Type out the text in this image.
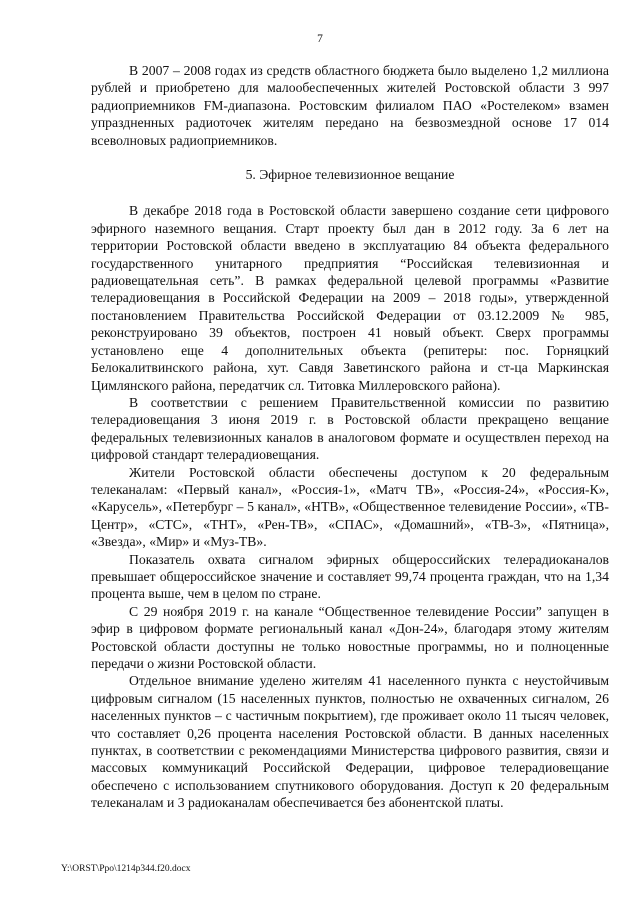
7

В 2007 – 2008 годах из средств областного бюджета было выделено 1,2 миллиона рублей и приобретено для малообеспеченных жителей Ростовской области 3 997 радиоприемников FM-диапазона. Ростовским филиалом ПАО «Ростелеком» взамен упраздненных радиоточек жителям передано на безвозмездной основе 17 014 всеволновых радиоприемников.

5. Эфирное телевизионное вещание

В декабре 2018 года в Ростовской области завершено создание сети цифрового эфирного наземного вещания. Старт проекту был дан в 2012 году. За 6 лет на территории Ростовской области введено в эксплуатацию 84 объекта федерального государственного унитарного предприятия “Российская телевизионная и радиовещательная сеть”. В рамках федеральной целевой программы «Развитие телерадиовещания в Российской Федерации на 2009 – 2018 годы», утвержденной постановлением Правительства Российской Федерации от 03.12.2009 № 985, реконструировано 39 объектов, построен 41 новый объект. Сверх программы установлено еще 4 дополнительных объекта (репитеры: пос. Горняцкий Белокалитвинского района, хут. Савдя Заветинского района и ст-ца Маркинская Цимлянского района, передатчик сл. Титовка Миллеровского района).

В соответствии с решением Правительственной комиссии по развитию телерадиовещания 3 июня 2019 г. в Ростовской области прекращено вещание федеральных телевизионных каналов в аналоговом формате и осуществлен переход на цифровой стандарт телерадиовещания.

Жители Ростовской области обеспечены доступом к 20 федеральным телеканалам: «Первый канал», «Россия-1», «Матч ТВ», «Россия-24», «Россия-К», «Карусель», «Петербург – 5 канал», «НТВ», «Общественное телевидение России», «ТВ-Центр», «СТС», «ТНТ», «Рен-ТВ», «СПАС», «Домашний», «ТВ-3», «Пятница», «Звезда», «Мир» и «Муз-ТВ».

Показатель охвата сигналом эфирных общероссийских телерадиоканалов превышает общероссийское значение и составляет 99,74 процента граждан, что на 1,34 процента выше, чем в целом по стране.

С 29 ноября 2019 г. на канале “Общественное телевидение России” запущен в эфир в цифровом формате региональный канал «Дон-24», благодаря этому жителям Ростовской области доступны не только новостные программы, но и полноценные передачи о жизни Ростовской области.

Отдельное внимание уделено жителям 41 населенного пункта с неустойчивым цифровым сигналом (15 населенных пунктов, полностью не охваченных сигналом, 26 населенных пунктов – с частичным покрытием), где проживает около 11 тысяч человек, что составляет 0,26 процента населения Ростовской области. В данных населенных пунктах, в соответствии с рекомендациями Министерства цифрового развития, связи и массовых коммуникаций Российской Федерации, цифровое телерадиовещание обеспечено с использованием спутникового оборудования. Доступ к 20 федеральным телеканалам и 3 радиоканалам обеспечивается без абонентской платы.

Y:\ORST\Ppo\1214p344.f20.docx
